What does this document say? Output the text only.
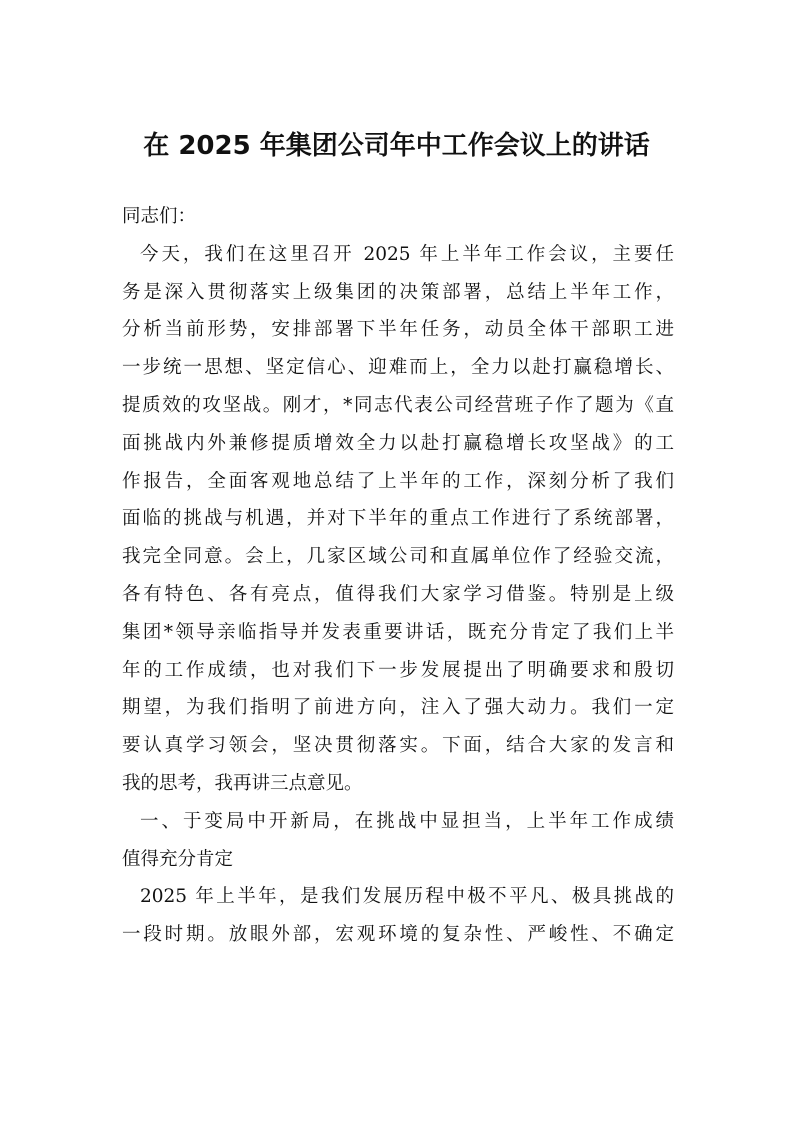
在 2025 年集团公司年中工作会议上的讲话
同志们：
今天，我们在这里召开 2025 年上半年工作会议，主要任
务是深入贯彻落实上级集团的决策部署，总结上半年工作，
分析当前形势，安排部署下半年任务，动员全体干部职工进
一步统一思想、坚定信心、迎难而上，全力以赴打赢稳增长、
提质效的攻坚战。刚才，*同志代表公司经营班子作了题为《直
面挑战内外兼修提质增效全力以赴打赢稳增长攻坚战》的工
作报告，全面客观地总结了上半年的工作，深刻分析了我们
面临的挑战与机遇，并对下半年的重点工作进行了系统部署，
我完全同意。会上，几家区域公司和直属单位作了经验交流，
各有特色、各有亮点，值得我们大家学习借鉴。特别是上级
集团*领导亲临指导并发表重要讲话，既充分肯定了我们上半
年的工作成绩，也对我们下一步发展提出了明确要求和殷切
期望，为我们指明了前进方向，注入了强大动力。我们一定
要认真学习领会，坚决贯彻落实。下面，结合大家的发言和
我的思考，我再讲三点意见。
一、于变局中开新局，在挑战中显担当，上半年工作成绩
值得充分肯定
2025 年上半年，是我们发展历程中极不平凡、极具挑战的
一段时期。放眼外部，宏观环境的复杂性、严峻性、不确定
